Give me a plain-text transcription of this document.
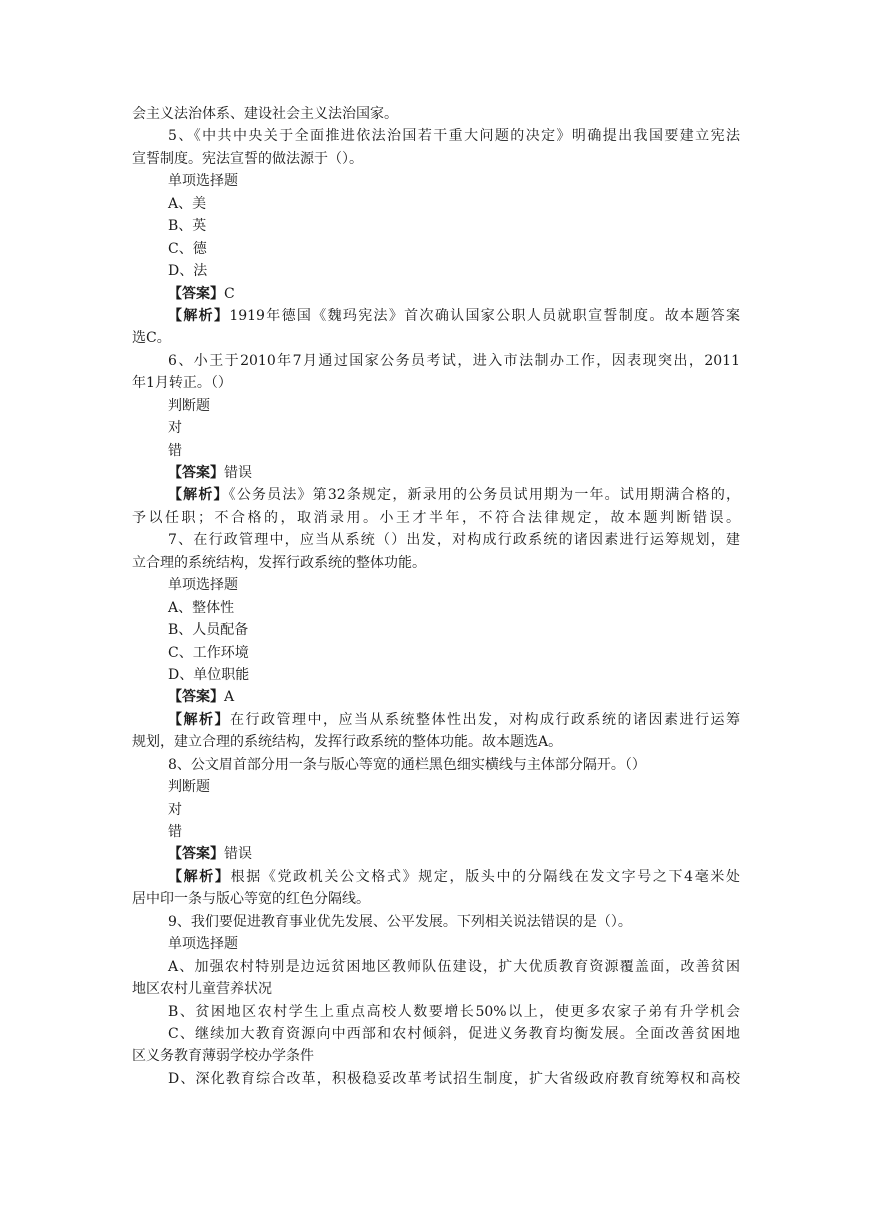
会主义法治体系、建设社会主义法治国家。
5、《中共中央关于全面推进依法治国若干重大问题的决定》明确提出我国要建立宪法
宣誓制度。宪法宣誓的做法源于（）。
单项选择题
A、美
B、英
C、德
D、法
【答案】C
【解析】1919年德国《魏玛宪法》首次确认国家公职人员就职宣誓制度。故本题答案
选C。
6、小王于2010年7月通过国家公务员考试，进入市法制办工作，因表现突出，2011
年1月转正。（）
判断题
对
错
【答案】错误
【解析】《公务员法》第32条规定，新录用的公务员试用期为一年。试用期满合格的，
予以任职；不合格的，取消录用。小王才半年，不符合法律规定，故本题判断错误。
7、在行政管理中，应当从系统（）出发，对构成行政系统的诸因素进行运筹规划，建
立合理的系统结构，发挥行政系统的整体功能。
单项选择题
A、整体性
B、人员配备
C、工作环境
D、单位职能
【答案】A
【解析】在行政管理中，应当从系统整体性出发，对构成行政系统的诸因素进行运筹
规划，建立合理的系统结构，发挥行政系统的整体功能。故本题选A。
8、公文眉首部分用一条与版心等宽的通栏黑色细实横线与主体部分隔开。（）
判断题
对
错
【答案】错误
【解析】根据《党政机关公文格式》规定，版头中的分隔线在发文字号之下4毫米处
居中印一条与版心等宽的红色分隔线。
9、我们要促进教育事业优先发展、公平发展。下列相关说法错误的是（）。
单项选择题
A、加强农村特别是边远贫困地区教师队伍建设，扩大优质教育资源覆盖面，改善贫困
地区农村儿童营养状况
B、贫困地区农村学生上重点高校人数要增长50%以上，使更多农家子弟有升学机会
C、继续加大教育资源向中西部和农村倾斜，促进义务教育均衡发展。全面改善贫困地
区义务教育薄弱学校办学条件
D、深化教育综合改革，积极稳妥改革考试招生制度，扩大省级政府教育统筹权和高校
